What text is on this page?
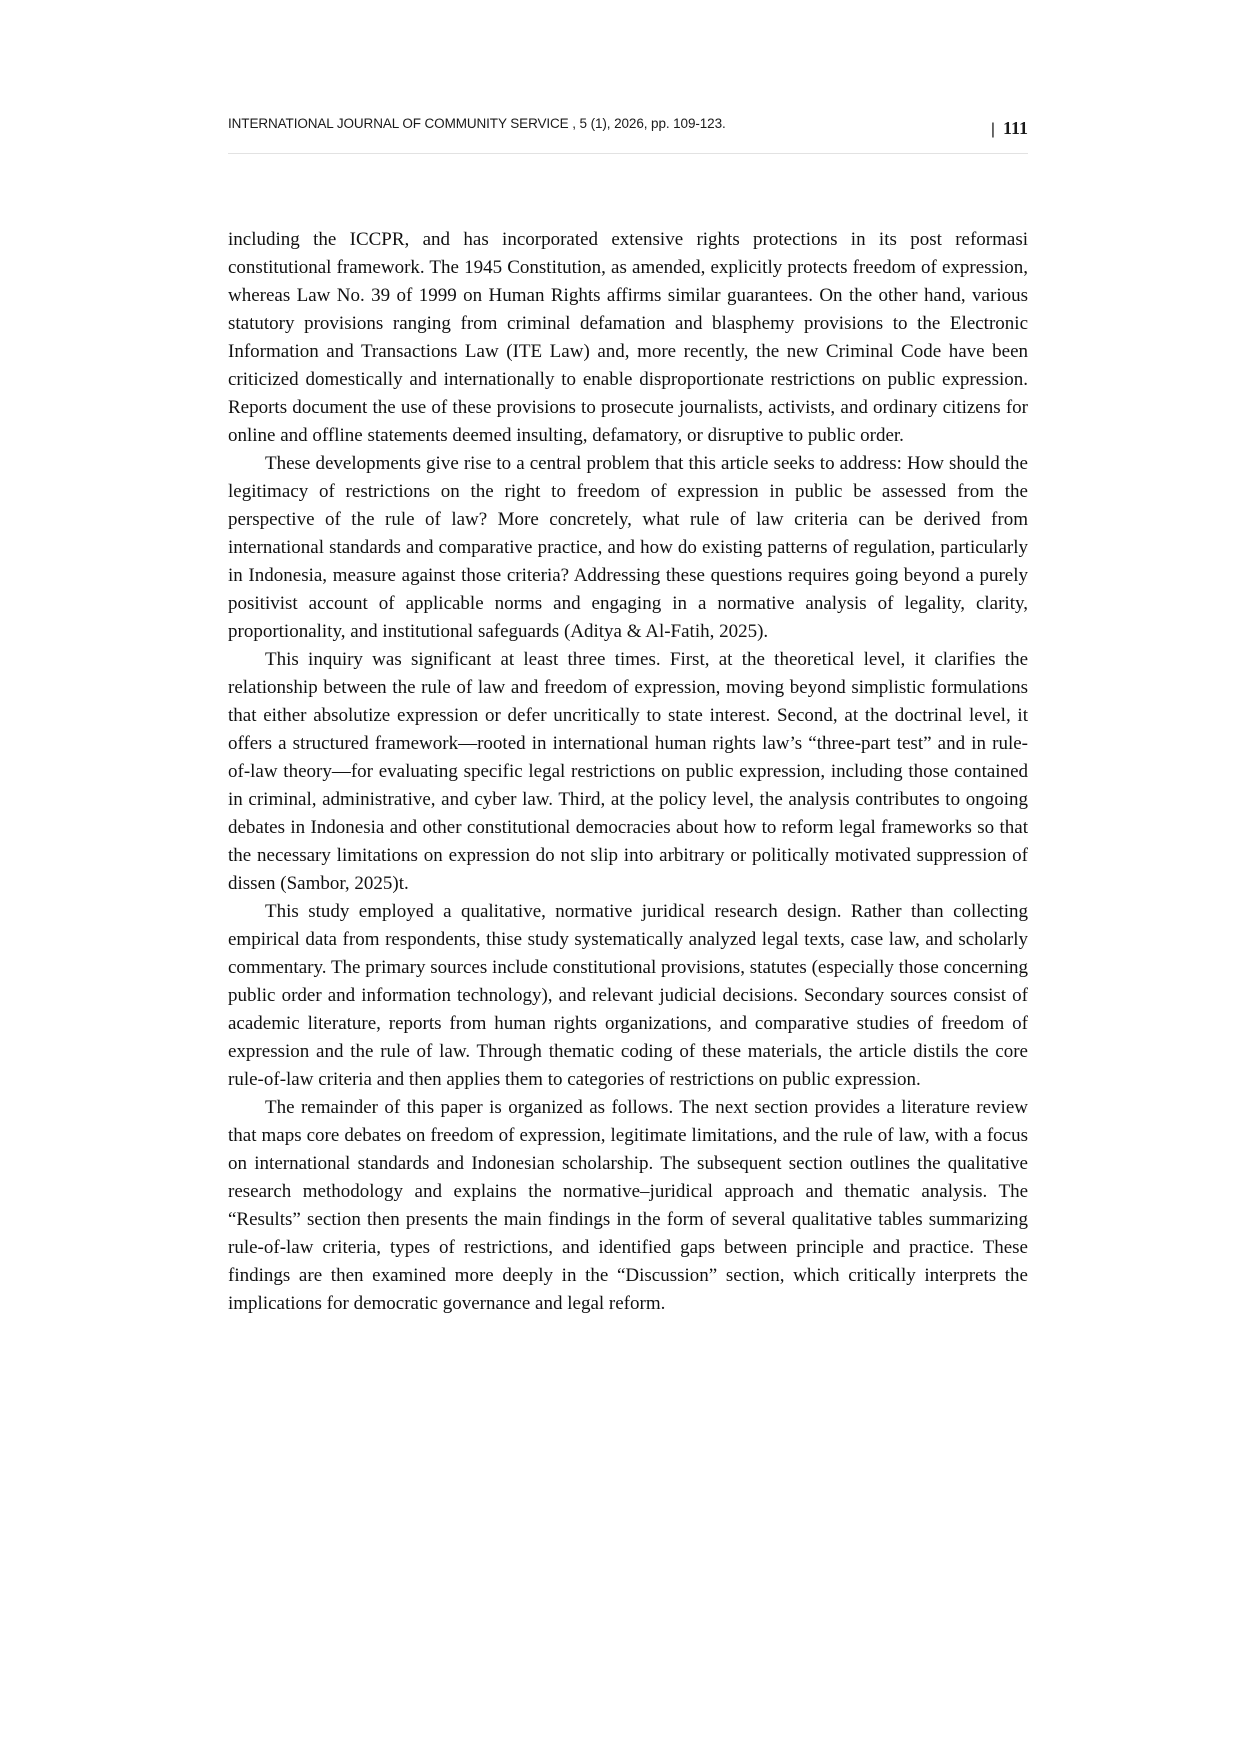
INTERNATIONAL JOURNAL OF COMMUNITY SERVICE , 5 (1), 2026, pp. 109-123.	| 111

including the ICCPR, and has incorporated extensive rights protections in its post reformasi constitutional framework. The 1945 Constitution, as amended, explicitly protects freedom of expression, whereas Law No. 39 of 1999 on Human Rights affirms similar guarantees. On the other hand, various statutory provisions ranging from criminal defamation and blasphemy provisions to the Electronic Information and Transactions Law (ITE Law) and, more recently, the new Criminal Code have been criticized domestically and internationally to enable disproportionate restrictions on public expression. Reports document the use of these provisions to prosecute journalists, activists, and ordinary citizens for online and offline statements deemed insulting, defamatory, or disruptive to public order.

These developments give rise to a central problem that this article seeks to address: How should the legitimacy of restrictions on the right to freedom of expression in public be assessed from the perspective of the rule of law? More concretely, what rule of law criteria can be derived from international standards and comparative practice, and how do existing patterns of regulation, particularly in Indonesia, measure against those criteria? Addressing these questions requires going beyond a purely positivist account of applicable norms and engaging in a normative analysis of legality, clarity, proportionality, and institutional safeguards (Aditya & Al-Fatih, 2025).

This inquiry was significant at least three times. First, at the theoretical level, it clarifies the relationship between the rule of law and freedom of expression, moving beyond simplistic formulations that either absolutize expression or defer uncritically to state interest. Second, at the doctrinal level, it offers a structured framework—rooted in international human rights law’s “three-part test” and in rule-of-law theory—for evaluating specific legal restrictions on public expression, including those contained in criminal, administrative, and cyber law. Third, at the policy level, the analysis contributes to ongoing debates in Indonesia and other constitutional democracies about how to reform legal frameworks so that the necessary limitations on expression do not slip into arbitrary or politically motivated suppression of dissen (Sambor, 2025)t.

This study employed a qualitative, normative juridical research design. Rather than collecting empirical data from respondents, thise study systematically analyzed legal texts, case law, and scholarly commentary. The primary sources include constitutional provisions, statutes (especially those concerning public order and information technology), and relevant judicial decisions. Secondary sources consist of academic literature, reports from human rights organizations, and comparative studies of freedom of expression and the rule of law. Through thematic coding of these materials, the article distils the core rule-of-law criteria and then applies them to categories of restrictions on public expression.

The remainder of this paper is organized as follows. The next section provides a literature review that maps core debates on freedom of expression, legitimate limitations, and the rule of law, with a focus on international standards and Indonesian scholarship. The subsequent section outlines the qualitative research methodology and explains the normative–juridical approach and thematic analysis. The “Results” section then presents the main findings in the form of several qualitative tables summarizing rule-of-law criteria, types of restrictions, and identified gaps between principle and practice. These findings are then examined more deeply in the “Discussion” section, which critically interprets the implications for democratic governance and legal reform.
